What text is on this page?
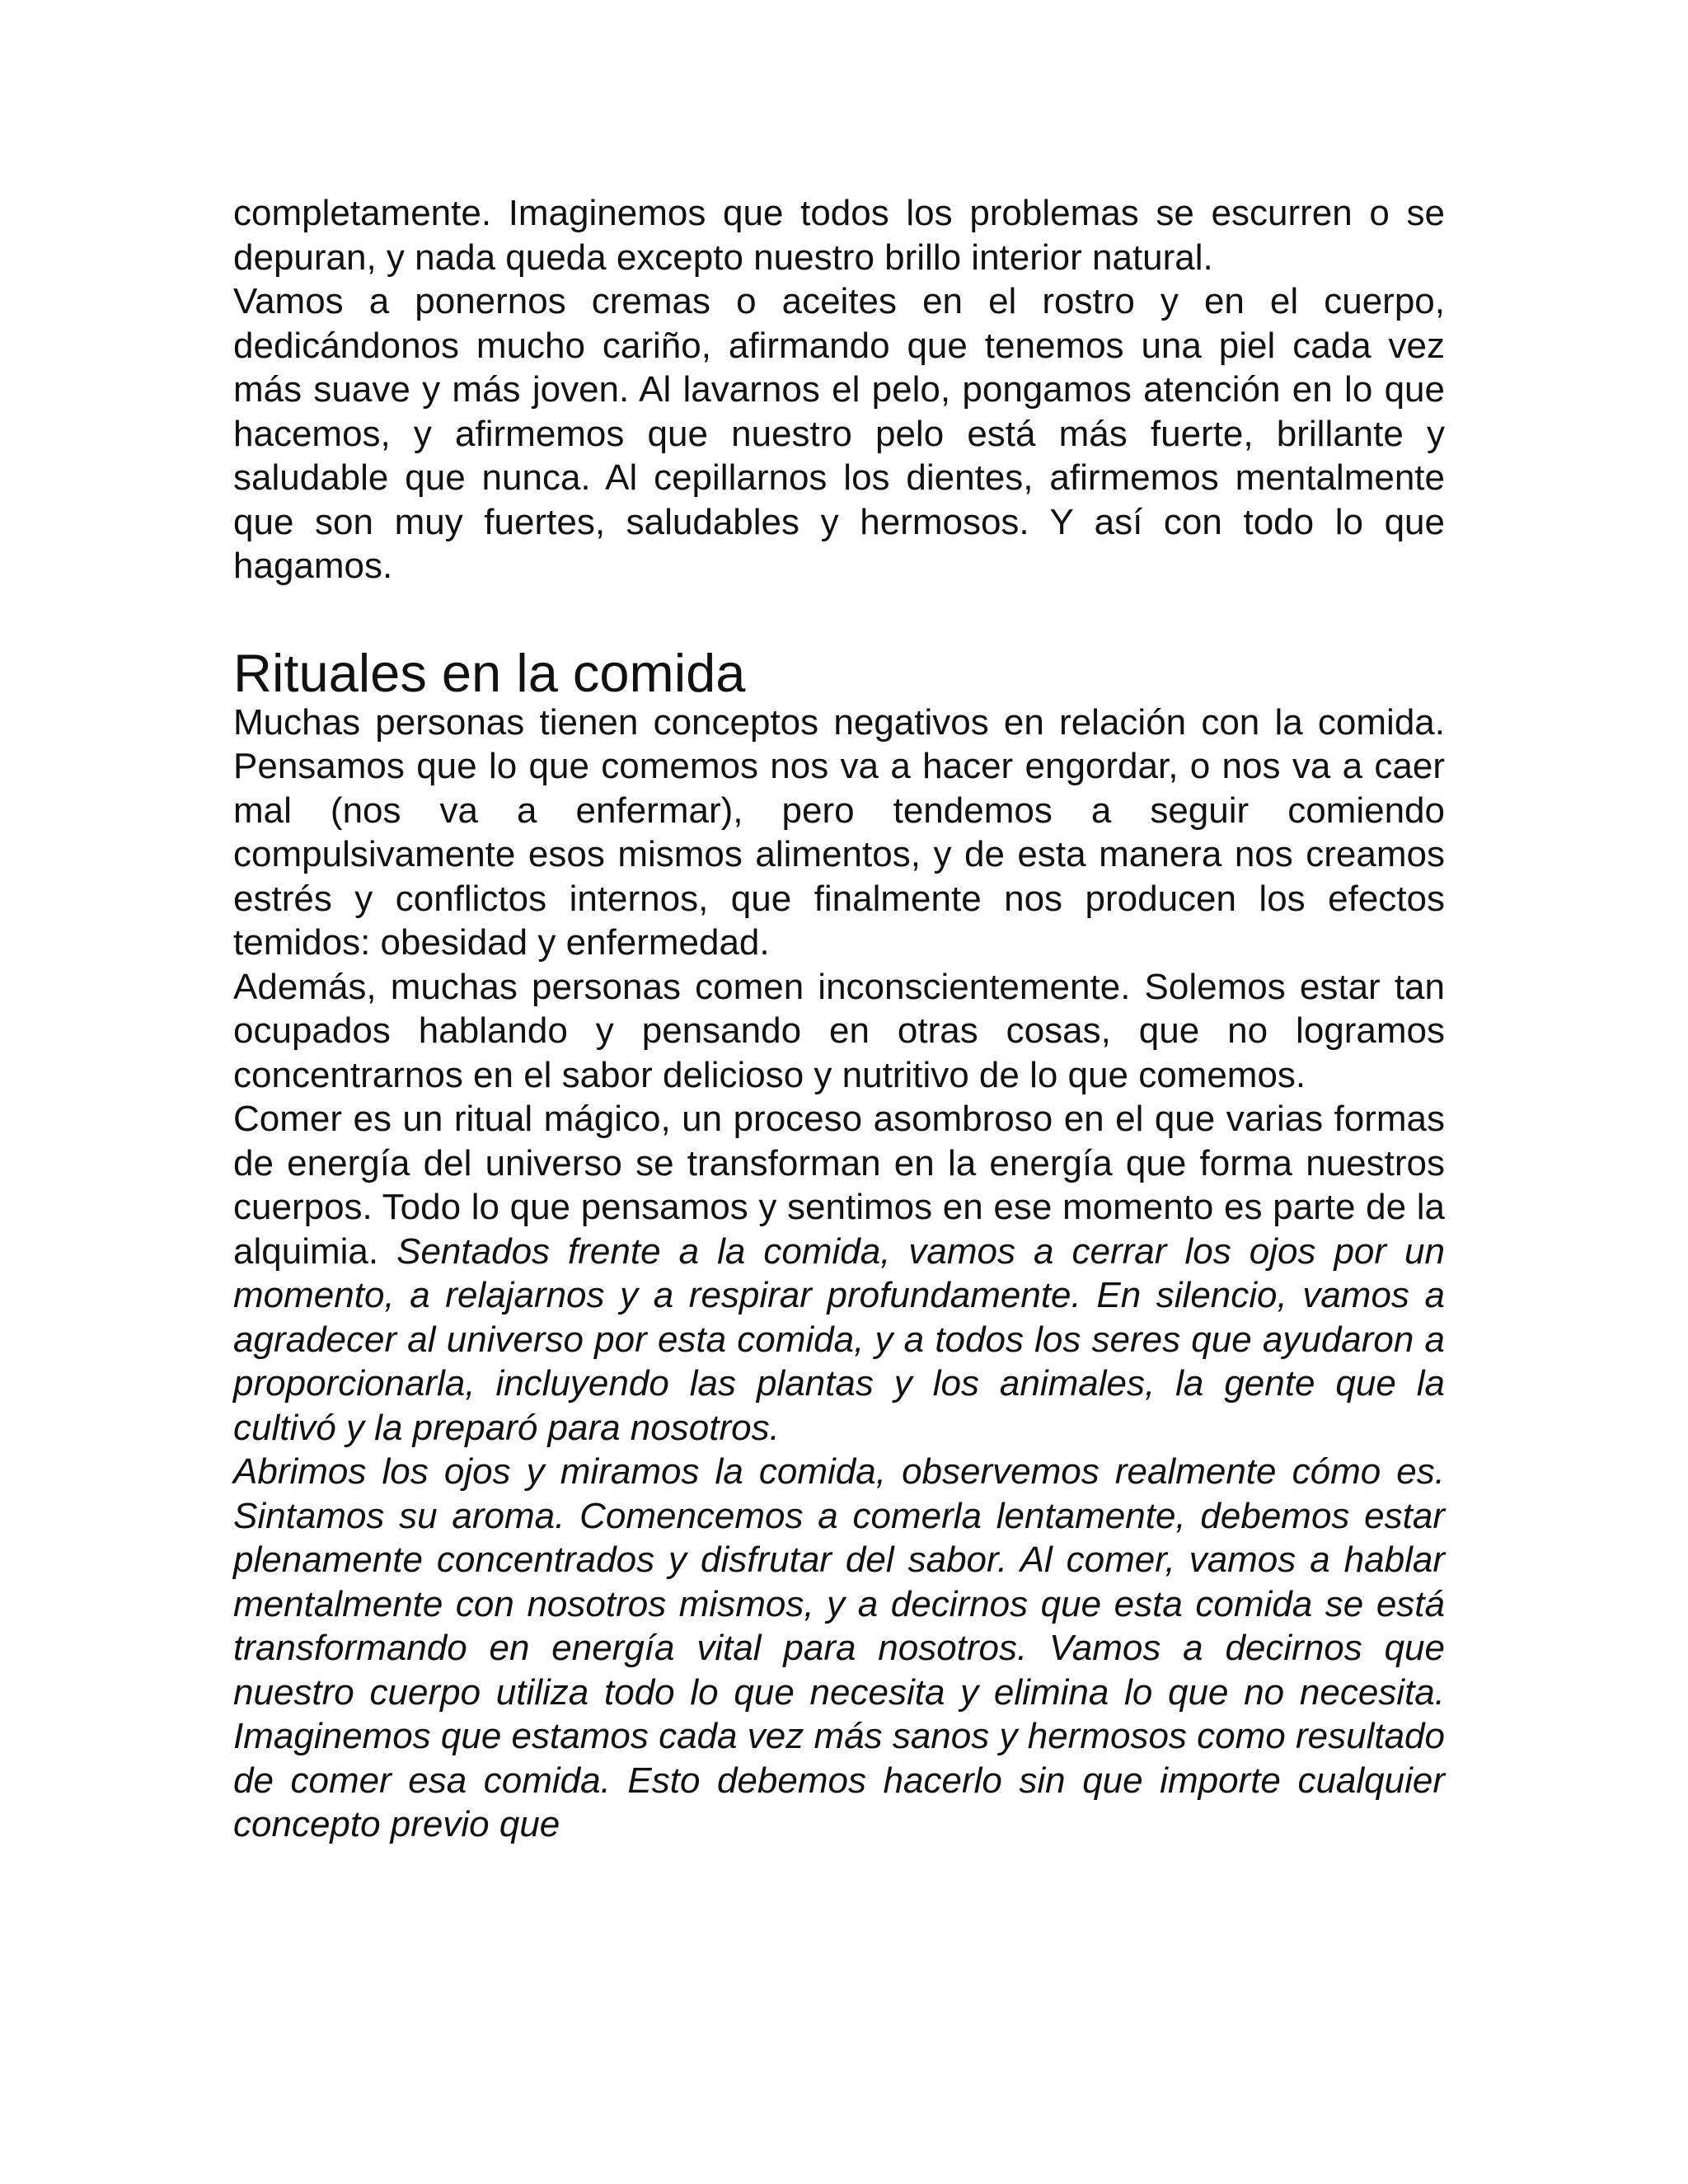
completamente. Imaginemos que todos los problemas se escurren o se depuran, y nada queda excepto nuestro brillo interior natural.

Vamos a ponernos cremas o aceites en el rostro y en el cuerpo, dedicándonos mucho cariño, afirmando que tenemos una piel cada vez más suave y más joven. Al lavarnos el pelo, pongamos atención en lo que hacemos, y afirmemos que nuestro pelo está más fuerte, brillante y saludable que nunca. Al cepillarnos los dientes, afirmemos mentalmente que son muy fuertes, saludables y hermosos. Y así con todo lo que hagamos.

Rituales en la comida

Muchas personas tienen conceptos negativos en relación con la comida. Pensamos que lo que comemos nos va a hacer engordar, o nos va a caer mal (nos va a enfermar), pero tendemos a seguir comiendo compulsivamente esos mismos alimentos, y de esta manera nos creamos estrés y conflictos internos, que finalmente nos producen los efectos temidos: obesidad y enfermedad.

Además, muchas personas comen inconscientemente. Solemos estar tan ocupados hablando y pensando en otras cosas, que no logramos concentrarnos en el sabor delicioso y nutritivo de lo que comemos.

Comer es un ritual mágico, un proceso asombroso en el que varias formas de energía del universo se transforman en la energía que forma nuestros cuerpos. Todo lo que pensamos y sentimos en ese momento es parte de la alquimia. Sentados frente a la comida, vamos a cerrar los ojos por un momento, a relajarnos y a respirar profundamente. En silencio, vamos a agradecer al universo por esta comida, y a todos los seres que ayudaron a proporcionarla, incluyendo las plantas y los animales, la gente que la cultivó y la preparó para nosotros.

Abrimos los ojos y miramos la comida, observemos realmente cómo es. Sintamos su aroma. Comencemos a comerla lentamente, debemos estar plenamente concentrados y disfrutar del sabor. Al comer, vamos a hablar mentalmente con nosotros mismos, y a decirnos que esta comida se está transformando en energía vital para nosotros. Vamos a decirnos que nuestro cuerpo utiliza todo lo que necesita y elimina lo que no necesita. Imaginemos que estamos cada vez más sanos y hermosos como resultado de comer esa comida. Esto debemos hacerlo sin que importe cualquier concepto previo que
